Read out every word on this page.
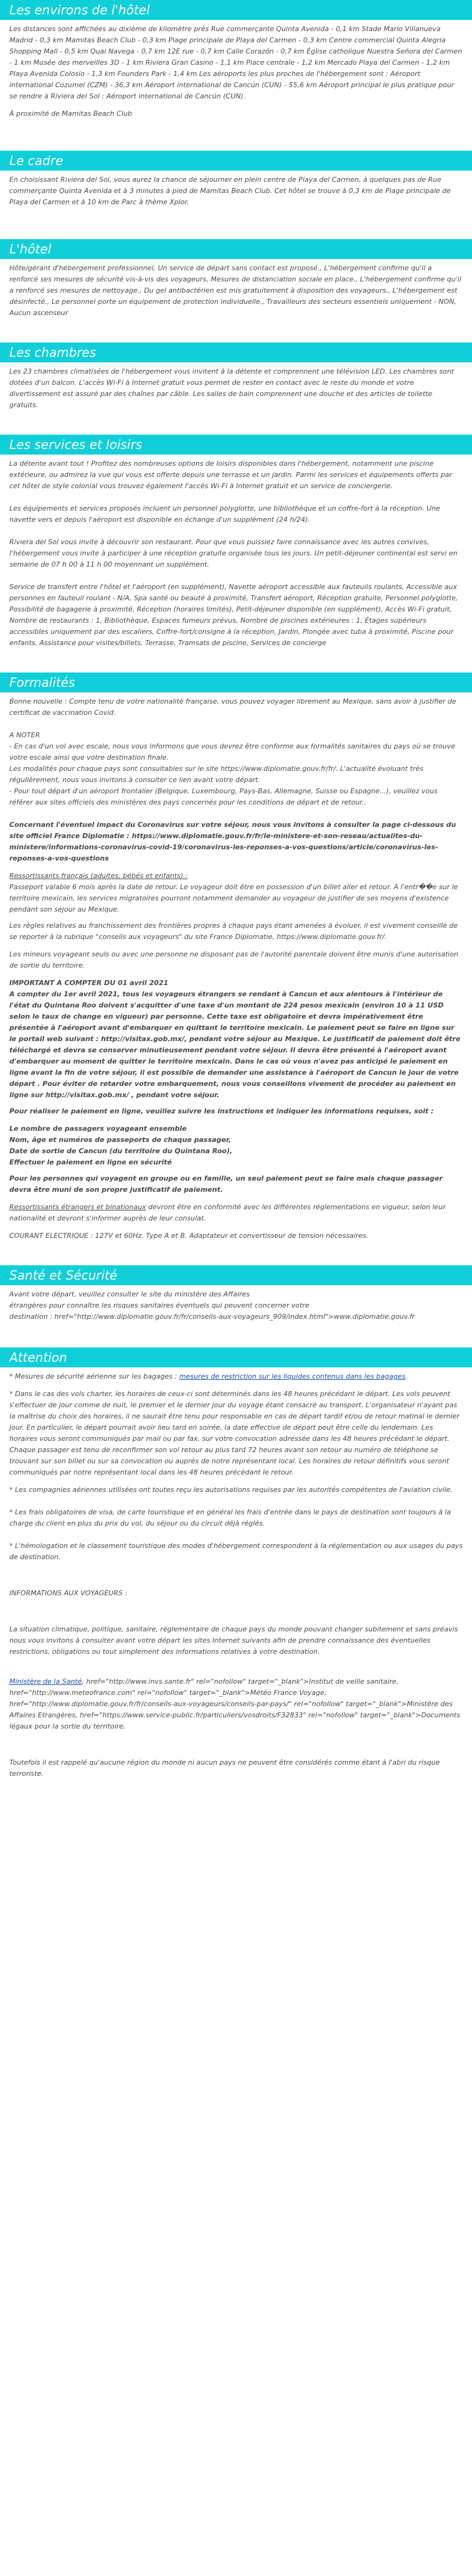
Les environs de l'hôtel

Les distances sont affichées au dixième de kilomètre près Rue commerçante Quinta Avenida - 0,1 km Stade Mario Villanueva Madrid - 0,3 km Mamitas Beach Club - 0,3 km Plage principale de Playa del Carmen - 0,3 km Centre commercial Quinta Alegria Shopping Mall - 0,5 km Quai Navega - 0,7 km 12E rue - 0,7 km Calle Corazón - 0,7 km Église catholique Nuestra Señora del Carmen - 1 km Musée des merveilles 3D - 1 km Riviera Gran Casino - 1,1 km Place centrale - 1,2 km Mercado Playa del Carmen - 1,2 km Playa Avenida Colosio - 1,3 km Founders Park - 1,4 km Les aéroports les plus proches de l'hébergement sont : Aéroport international Cozumel (CZM) - 36,3 km Aéroport international de Cancún (CUN) - 55,6 km Aéroport principal le plus pratique pour se rendre à Riviera del Sol : Aéroport international de Cancún (CUN).

À proximité de Mamitas Beach Club

Le cadre

En choisissant Riviera del Sol, vous aurez la chance de séjourner en plein centre de Playa del Carmen, à quelques pas de Rue commerçante Quinta Avenida et à 3 minutes à pied de Mamitas Beach Club. Cet hôtel se trouve à 0,3 km de Plage principale de Playa del Carmen et à 10 km de Parc à thème Xplor.

L'hôtel

Hôte/gérant d'hébergement professionnel, Un service de départ sans contact est proposé., L'hébergement confirme qu'il a renforcé ses mesures de sécurité vis-à-vis des voyageurs, Mesures de distanciation sociale en place., L'hébergement confirme qu'il a renforcé ses mesures de nettoyage., Du gel antibactérien est mis gratuitement à disposition des voyageurs., L'hébergement est désinfecté., Le personnel porte un équipement de protection individuelle., Travailleurs des secteurs essentiels uniquement - NON, Aucun ascenseur

Les chambres

Les 23 chambres climatisées de l'hébergement vous invitent à la détente et comprennent une télévision LED. Les chambres sont dotées d'un balcon. L'accès Wi-Fi à Internet gratuit vous permet de rester en contact avec le reste du monde et votre divertissement est assuré par des chaînes par câble. Les salles de bain comprennent une douche et des articles de toilette gratuits.

Les services et loisirs

La détente avant tout ! Profitez des nombreuses options de loisirs disponibles dans l'hébergement, notamment une piscine extérieure, ou admirez la vue qui vous est offerte depuis une terrasse et un jardin. Parmi les services et équipements offerts par cet hôtel de style colonial vous trouvez également l'accès Wi-Fi à Internet gratuit et un service de conciergerie.

Les équipements et services proposés incluent un personnel polyglotte, une bibliothèque et un coffre-fort à la réception. Une navette vers et depuis l'aéroport est disponible en échange d'un supplément (24 h/24).

Riviera del Sol vous invite à découvrir son restaurant. Pour que vous puissiez faire connaissance avec les autres convives, l'hébergement vous invite à participer à une réception gratuite organisée tous les jours. Un petit-déjeuner continental est servi en semaine de 07 h 00 à 11 h 00 moyennant un supplément.

Service de transfert entre l'hôtel et l'aéroport (en supplément), Navette aéroport accessible aux fauteuils roulants, Accessible aux personnes en fauteuil roulant - N/A, Spa santé ou beauté à proximité, Transfert aéroport, Réception gratuite, Personnel polyglotte, Possibilité de bagagerie à proximité, Réception (horaires limités), Petit-déjeuner disponible (en supplément), Accès Wi-Fi gratuit, Nombre de restaurants : 1, Bibliothèque, Espaces fumeurs prévus, Nombre de piscines extérieures : 1, Étages supérieurs accessibles uniquement par des escaliers, Coffre-fort/consigne à la réception, Jardin, Plongée avec tuba à proximité, Piscine pour enfants, Assistance pour visites/billets, Terrasse, Tramsats de piscine, Services de concierge

Formalités

Bonne nouvelle : Compte tenu de votre nationalité française, vous pouvez voyager librement au Mexique, sans avoir à justifier de certificat de vaccination Covid.

A NOTER

- En cas d'un vol avec escale, nous vous informons que vous devrez être conforme aux formalités sanitaires du pays où se trouve votre escale ainsi que votre destination finale.

Les modalités pour chaque pays sont consultables sur le site https://www.diplomatie.gouv.fr/fr/. L'actualité évoluant très régulièrement, nous vous invitons à consulter ce lien avant votre départ.

- Pour tout départ d'un aéroport frontalier (Belgique, Luxembourg, Pays-Bas, Allemagne, Suisse ou Espagne...), veuillez vous référer aux sites officiels des ministères des pays concernés pour les conditions de départ et de retour..

Concernant l'éventuel impact du Coronavirus sur votre séjour, nous vous invitons à consulter la page ci-dessous du site officiel France Diplomatie : https://www.diplomatie.gouv.fr/fr/le-ministere-et-son-reseau/actualites-du-ministere/informations-coronavirus-covid-19/coronavirus-les-reponses-a-vos-questions/article/coronavirus-les-reponses-a-vos-questions

Ressortissants français (adultes, bébés et enfants) :

Passeport valable 6 mois après la date de retour. Le voyageur doit être en possession d'un billet aller et retour. A l'entr��e sur le territoire mexicain, les services migratoires pourront notamment demander au voyageur de justifier de ses moyens d'existence pendant son séjour au Mexique.

Les règles relatives au franchissement des frontières propres à chaque pays étant amenées à évoluer, il est vivement conseillé de se reporter à la rubrique "conseils aux voyageurs" du site France Diplomatie, https://www.diplomatie.gouv.fr/.

Les mineurs voyageant seuls ou avec une personne ne disposant pas de l'autorité parentale doivent être munis d'une autorisation de sortie du territoire.

IMPORTANT A COMPTER DU 01 avril 2021

A compter du 1er avril 2021, tous les voyageurs étrangers se rendant à Cancun et aux alentours à l'intérieur de l'état du Quintana Roo doivent s'acquitter d'une taxe d'un montant de 224 pesos mexicain (environ 10 à 11 USD selon le taux de change en vigueur) par personne. Cette taxe est obligatoire et devra impérativement être présentée à l'aéroport avant d'embarquer en quittant le territoire mexicain. Le paiement peut se faire en ligne sur le portail web suivant : http://visitax.gob.mx/, pendant votre séjour au Mexique. Le justificatif de paiement doit être téléchargé et devra se conserver minutieusement pendant votre séjour. Il devra être présenté à l'aéroport avant d'embarquer au moment de quitter le territoire mexicain. Dans le cas où vous n'avez pas anticipé le paiement en ligne avant la fin de votre séjour, il est possible de demander une assistance à l'aéroport de Cancun le jour de votre départ . Pour éviter de retarder votre embarquement, nous vous conseillons vivement de procéder au paiement en ligne sur http://visitax.gob.mx/ , pendant votre séjour.

Pour réaliser le paiement en ligne, veuillez suivre les instructions et indiquer les informations requises, soit :

Le nombre de passagers voyageant ensemble

Nom, âge et numéros de passeports de chaque passager,

Date de sortie de Cancun (du territoire du Quintana Roo),

Effectuer le paiement en ligne en sécurité

Pour les personnes qui voyagent en groupe ou en famille, un seul paiement peut se faire mais chaque passager devra être muni de son propre justificatif de paiement.

Ressortissants étrangers et binationaux devront être en conformité avec les différentes réglementations en vigueur, selon leur nationalité et devront s'informer auprès de leur consulat.

COURANT ELECTRIQUE : 127V et 60Hz. Type A et B. Adaptateur et convertisseur de tension nécessaires.

Santé et Sécurité

Avant votre départ, veuillez consulter le site du ministère des Affaires

étrangères pour connaître les risques sanitaires éventuels qui peuvent concerner votre

destination : href="http://www.diplomatie.gouv.fr/fr/conseils-aux-voyageurs_909/index.html">www.diplomatie.gouv.fr

Attention

* Mesures de sécurité aérienne sur les bagages : mesures de restriction sur les liquides contenus dans les bagages.

* Dans le cas des vols charter, les horaires de ceux-ci sont déterminés dans les 48 heures précédant le départ. Les vols peuvent s'effectuer de jour comme de nuit, le premier et le dernier jour du voyage étant consacré au transport. L'organisateur n'ayant pas la maîtrise du choix des horaires, il ne saurait être tenu pour responsable en cas de départ tardif et/ou de retour matinal le dernier jour. En particulier, le départ pourrait avoir lieu tard en soirée, la date effective de départ peut être celle du lendemain. Les horaires vous seront communiqués par mail ou par fax, sur votre convocation adressée dans les 48 heures précédant le départ. Chaque passager est tenu de reconfirmer son vol retour au plus tard 72 heures avant son retour au numéro de téléphone se trouvant sur son billet ou sur sa convocation ou auprès de notre représentant local. Les horaires de retour définitifs vous seront communiqués par notre représentant local dans les 48 heures précédant le retour.

* Les compagnies aériennes utilisées ont toutes reçu les autorisations requises par les autorités compétentes de l'aviation civile.

* Les frais obligatoires de visa, de carte touristique et en général les frais d'entrée dans le pays de destination sont toujours à la charge du client en plus du prix du vol, du séjour ou du circuit déjà réglés.

* L'hémologation et le classement touristique des modes d'hébergement correspondent à la réglementation ou aux usages du pays de destination.

INFORMATIONS AUX VOYAGEURS :

La situation climatique, politique, sanitaire, réglementaire de chaque pays du monde pouvant changer subitement et sans préavis

nous vous invitons à consulter avant votre départ les sites Internet suivants afin de prendre connaissance des éventuelles restrictions, obligations ou tout simplement des informations relatives à votre destination.

Ministère de la Santé, href="http://www.invs.sante.fr" rel="nofollow" target="_blank">Institut de veille sanitaire, href="http://www.meteofrance.com" rel="nofollow" target="_blank">Météo France Voyage, href="http://www.diplomatie.gouv.fr/fr/conseils-aux-voyageurs/conseils-par-pays/" rel="nofollow" target="_blank">Ministère des Affaires Etrangères, href="https://www.service-public.fr/particuliers/vosdroits/F32833" rel="nofollow" target="_blank">Documents légaux pour la sortie du territoire.

Toutefois il est rappelé qu'aucune région du monde ni aucun pays ne peuvent être considérés comme étant à l'abri du risque terroriste.
